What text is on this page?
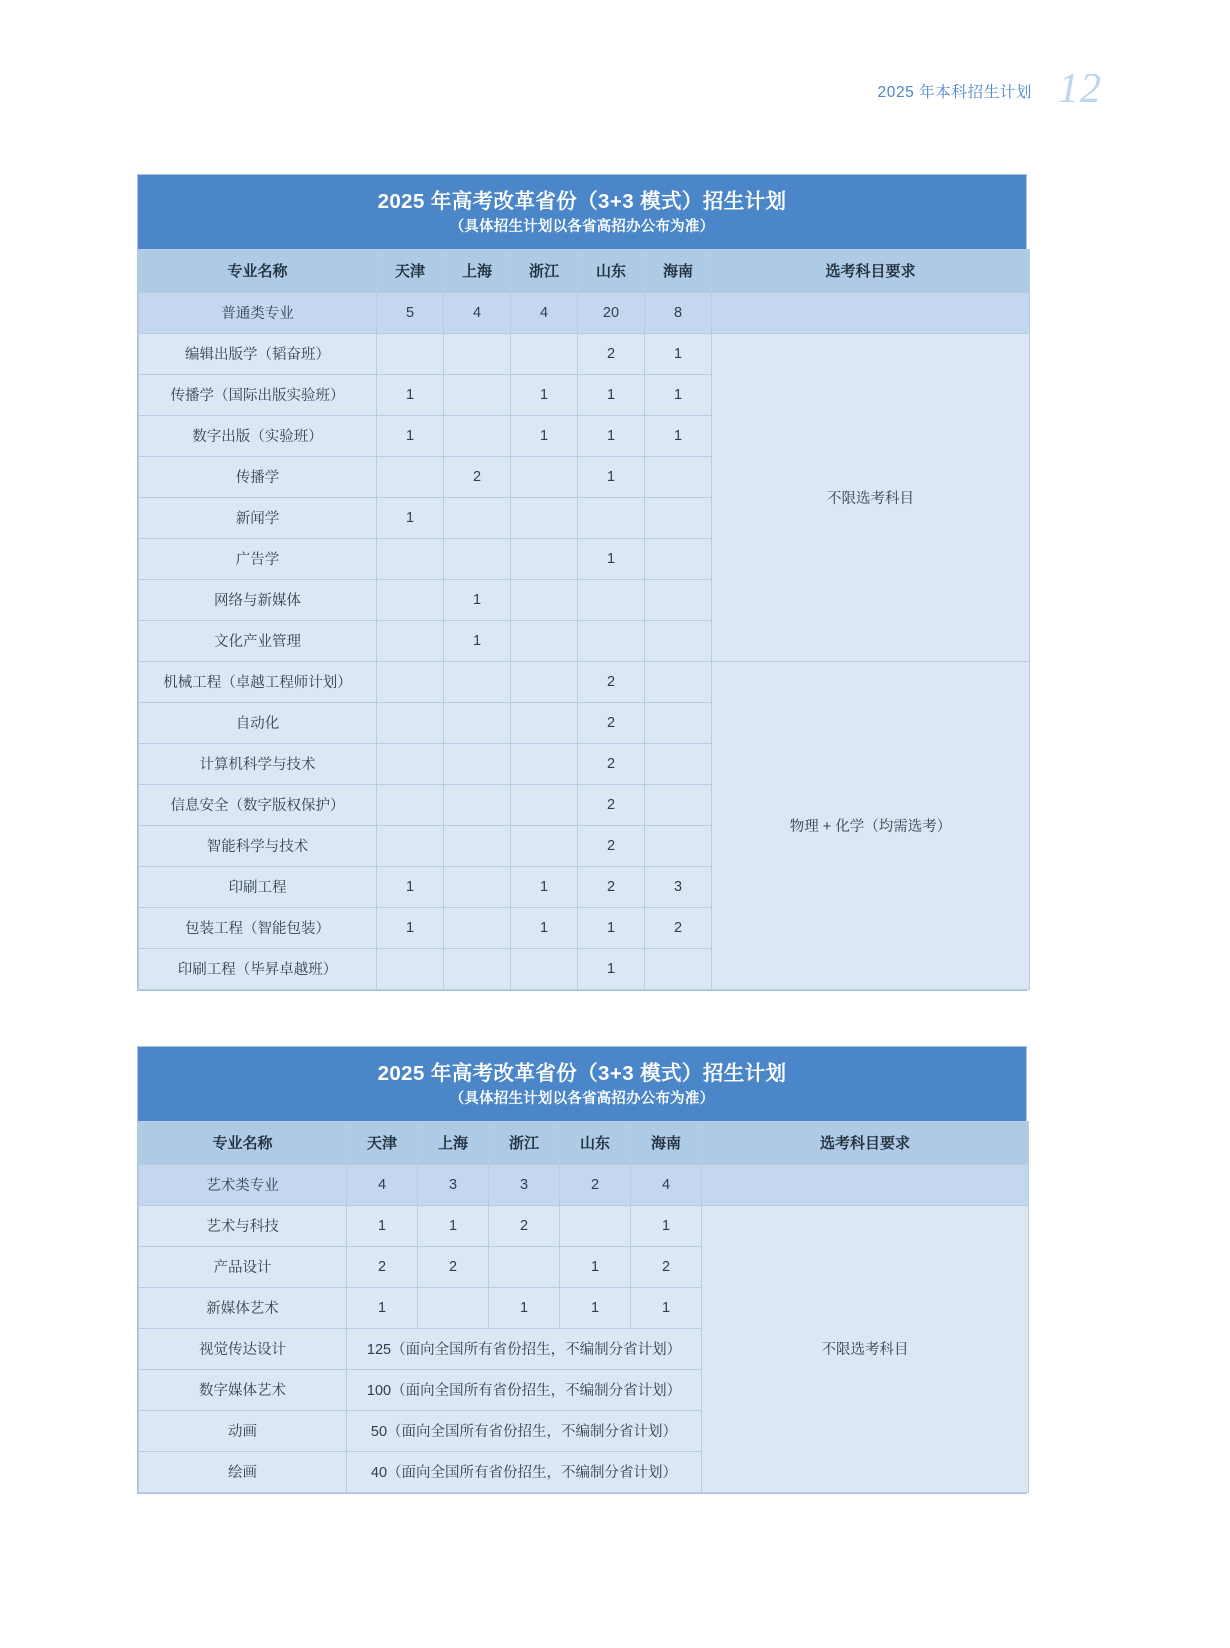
2025 年本科招生计划 12
2025 年高考改革省份（3+3 模式）招生计划
（具体招生计划以各省高招办公布为准）
专业名称	天津	上海	浙江	山东	海南	选考科目要求
普通类专业	5	4	4	20	8	
编辑出版学（韬奋班）				2	1	不限选考科目
传播学（国际出版实验班）	1		1	1	1	
数字出版（实验班）	1		1	1	1	
传播学		2		1		
新闻学	1					
广告学				1		
网络与新媒体		1				
文化产业管理		1				
机械工程（卓越工程师计划）				2		物理 + 化学（均需选考）
自动化				2		
计算机科学与技术				2		
信息安全（数字版权保护）				2		
智能科学与技术				2		
印刷工程	1		1	2	3	
包装工程（智能包装）	1		1	1	2	
印刷工程（毕昇卓越班）				1		
2025 年高考改革省份（3+3 模式）招生计划
（具体招生计划以各省高招办公布为准）
专业名称	天津	上海	浙江	山东	海南	选考科目要求
艺术类专业	4	3	3	2	4	
艺术与科技	1	1	2		1	不限选考科目
产品设计	2	2		1	2	
新媒体艺术	1		1	1	1	
视觉传达设计	125（面向全国所有省份招生，不编制分省计划）					
数字媒体艺术	100（面向全国所有省份招生，不编制分省计划）					
动画	50（面向全国所有省份招生，不编制分省计划）					
绘画	40（面向全国所有省份招生，不编制分省计划）					
